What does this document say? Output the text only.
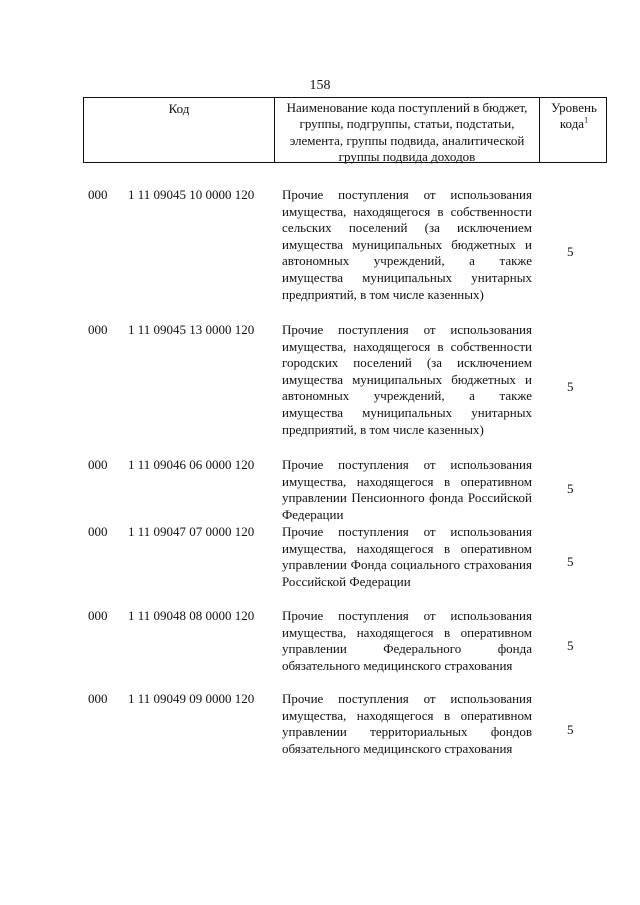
158
Код	Наименование кода поступлений в бюджет, группы, подгруппы, статьи, подстатьи, элемента, группы подвида, аналитической группы подвида доходов
Уровень кода$^1$
000 1 11 09045 10 0000 120 Прочие поступления от использования имущества, находящегося в собственности сельских поселений (за исключением имущества муниципальных бюджетных и автономных учреждений, а также имущества муниципальных унитарных предприятий, в том числе казенных)
5
000 1 11 09045 13 0000 120 Прочие поступления от использования имущества, находящегося в собственности городских поселений (за исключением имущества муниципальных бюджетных и автономных учреждений, а также имущества муниципальных унитарных предприятий, в том числе казенных)
5
000 1 11 09046 06 0000 120 Прочие поступления от использования имущества, находящегося в оперативном управлении Пенсионного фонда Российской Федерации
5
000 1 11 09047 07 0000 120 Прочие поступления от использования имущества, находящегося в оперативном управлении Фонда социального страхования Российской Федерации
5
000 1 11 09048 08 0000 120 Прочие поступления от использования имущества, находящегося в оперативном управлении Федерального фонда обязательного медицинского страхования
5
000 1 11 09049 09 0000 120 Прочие поступления от использования имущества, находящегося в оперативном управлении территориальных фондов обязательного медицинского страхования
5
